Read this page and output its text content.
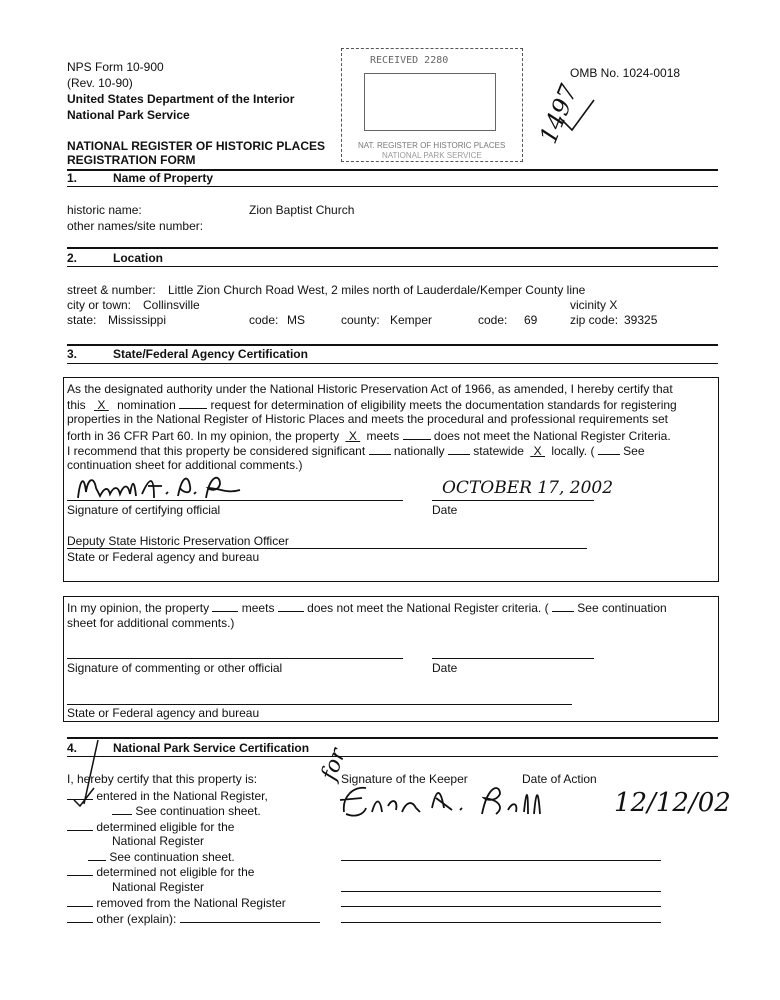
NPS Form 10-900
(Rev. 10-90)
United States Department of the Interior
National Park Service
OMB No. 1024-0018
RECEIVED 2280
NAT. REGISTER OF HISTORIC PLACES
NATIONAL PARK SERVICE
1497
NATIONAL REGISTER OF HISTORIC PLACES
REGISTRATION FORM
1.	Name of Property
historic name:	Zion Baptist Church
other names/site number:
2.	Location
street & number: Little Zion Church Road West, 2 miles north of Lauderdale/Kemper County line
city or town: Collinsville	vicinity X
state: Mississippi	code: MS	county: Kemper	code: 69	zip code: 39325
3.	State/Federal Agency Certification
As the designated authority under the National Historic Preservation Act of 1966, as amended, I hereby certify that
this X nomination	request for determination of eligibility meets the documentation standards for registering
properties in the National Register of Historic Places and meets the procedural and professional requirements set
forth in 36 CFR Part 60. In my opinion, the property X meets	does not meet the National Register Criteria.
I recommend that this property be considered significant nationally statewide X locally. ( See
continuation sheet for additional comments.)
OCTOBER 17, 2002
Signature of certifying official	Date
Deputy State Historic Preservation Officer
State or Federal agency and bureau
In my opinion, the property	meets	does not meet the National Register criteria. ( See continuation
sheet for additional comments.)
Signature of commenting or other official	Date
State or Federal agency and bureau
4.	National Park Service Certification
I, hereby certify that this property is:
entered in the National Register,
See continuation sheet.
determined eligible for the
National Register
See continuation sheet.
determined not eligible for the
National Register
removed from the National Register
other (explain):
Signature of the Keeper	Date of Action
for
12/12/02
